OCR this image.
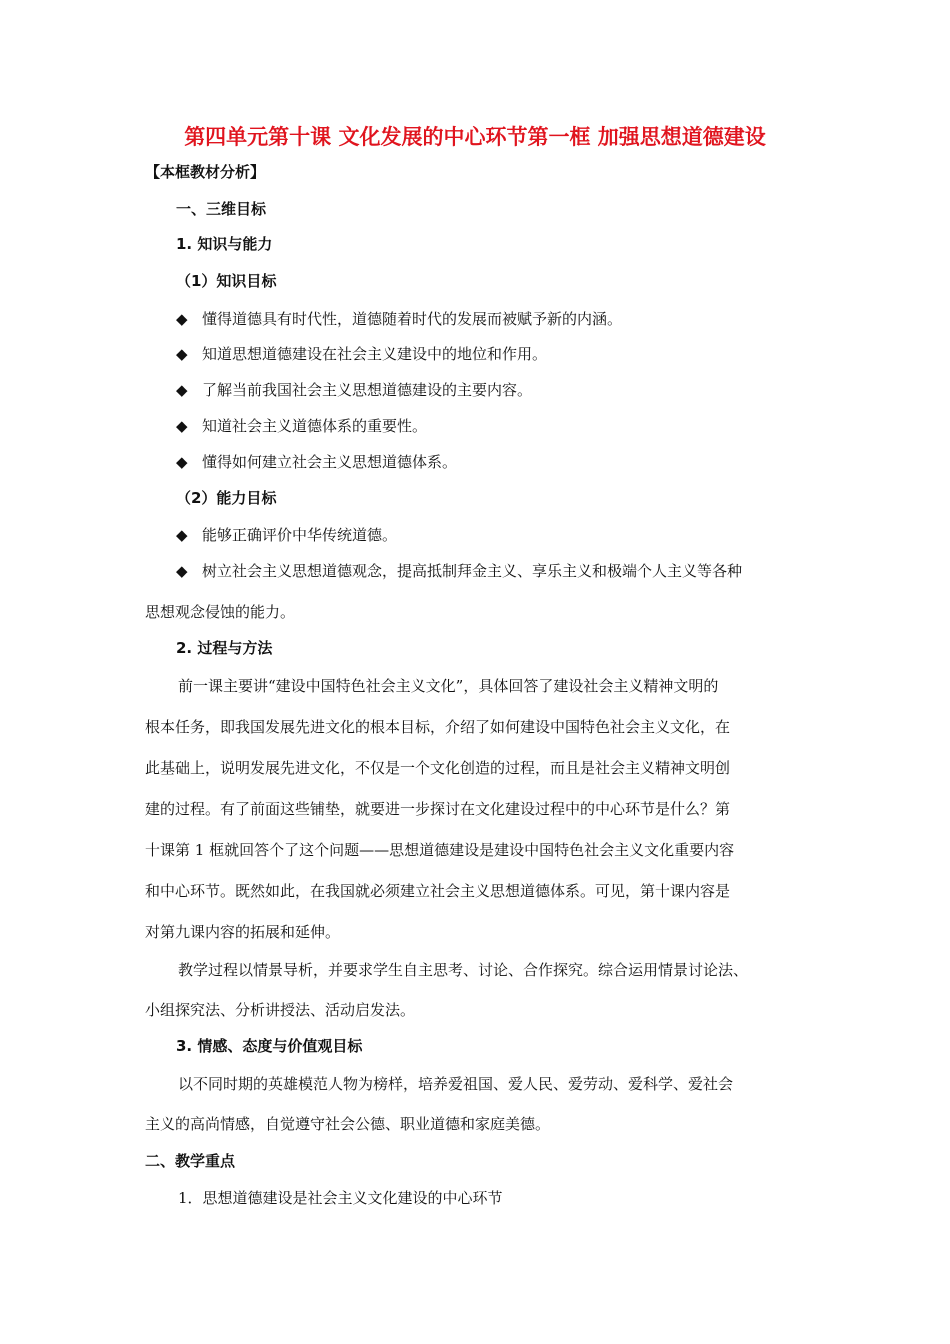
第四单元第十课 文化发展的中心环节第一框 加强思想道德建设
【本框教材分析】
一、三维目标
1. 知识与能力
（1）知识目标
◆ 懂得道德具有时代性，道德随着时代的发展而被赋予新的内涵。
◆ 知道思想道德建设在社会主义建设中的地位和作用。
◆ 了解当前我国社会主义思想道德建设的主要内容。
◆ 知道社会主义道德体系的重要性。
◆ 懂得如何建立社会主义思想道德体系。
（2）能力目标
◆ 能够正确评价中华传统道德。
◆ 树立社会主义思想道德观念，提高抵制拜金主义、享乐主义和极端个人主义等各种
思想观念侵蚀的能力。
2. 过程与方法
前一课主要讲“建设中国特色社会主义文化”，具体回答了建设社会主义精神文明的
根本任务，即我国发展先进文化的根本目标，介绍了如何建设中国特色社会主义文化，在
此基础上，说明发展先进文化，不仅是一个文化创造的过程，而且是社会主义精神文明创
建的过程。有了前面这些铺垫，就要进一步探讨在文化建设过程中的中心环节是什么？第
十课第 1 框就回答个了这个问题——思想道德建设是建设中国特色社会主义文化重要内容
和中心环节。既然如此，在我国就必须建立社会主义思想道德体系。可见，第十课内容是
对第九课内容的拓展和延伸。
教学过程以情景导析，并要求学生自主思考、讨论、合作探究。综合运用情景讨论法、
小组探究法、分析讲授法、活动启发法。
3. 情感、态度与价值观目标
以不同时期的英雄模范人物为榜样，培养爱祖国、爱人民、爱劳动、爱科学、爱社会
主义的高尚情感，自觉遵守社会公德、职业道德和家庭美德。
二、教学重点
1．思想道德建设是社会主义文化建设的中心环节
